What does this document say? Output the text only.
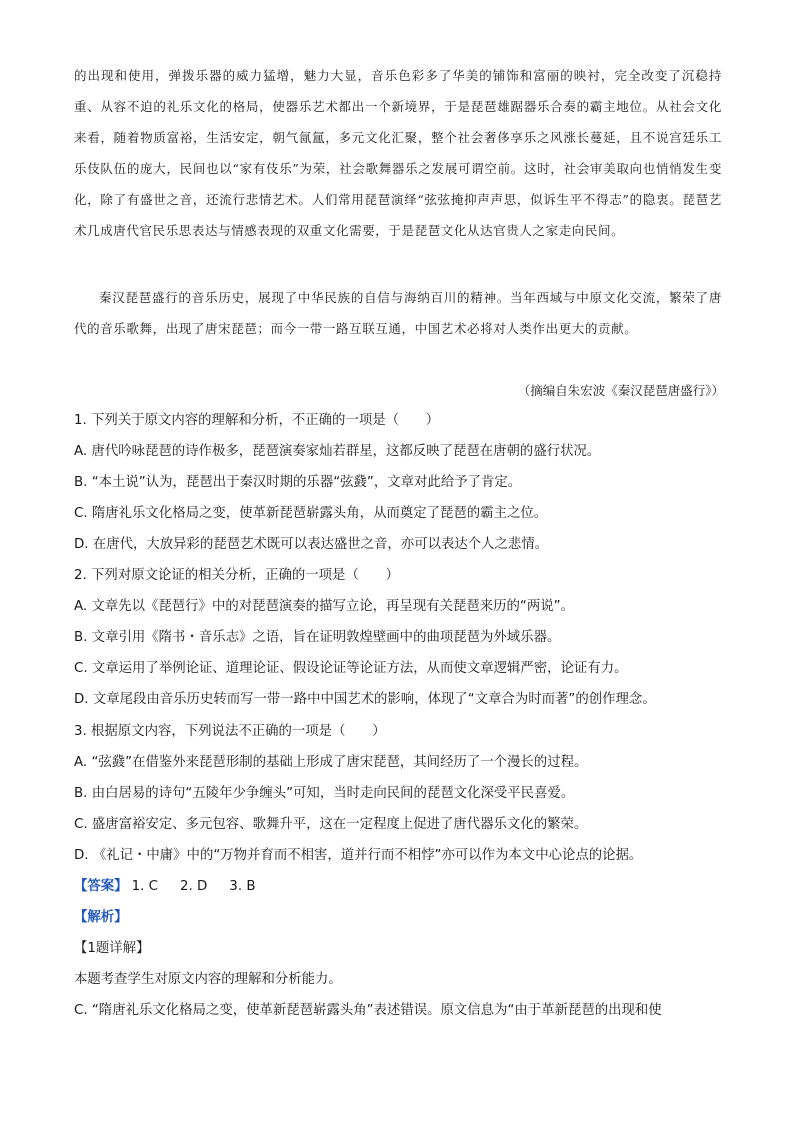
的出现和使用，弹拨乐器的威力猛增，魅力大显，音乐色彩多了华美的铺饰和富丽的映衬，完全改变了沉稳持重、从容不迫的礼乐文化的格局，使器乐艺术都出一个新境界，于是琵琶雄踞器乐合奏的霸主地位。从社会文化来看，随着物质富裕，生活安定，朝气氤氲，多元文化汇聚，整个社会奢侈享乐之风涨长蔓延，且不说宫廷乐工乐伎队伍的庞大，民间也以“家有伎乐”为荣，社会歌舞器乐之发展可谓空前。这时，社会审美取向也悄悄发生变化，除了有盛世之音，还流行悲情艺术。人们常用琵琶演绎“弦弦掩抑声声思，似诉生平不得志”的隐衷。琵琶艺术几成唐代官民乐思表达与情感表现的双重文化需要，于是琵琶文化从达官贵人之家走向民间。

秦汉琵琶盛行的音乐历史，展现了中华民族的自信与海纳百川的精神。当年西域与中原文化交流，繁荣了唐代的音乐歌舞，出现了唐宋琵琶；而今一带一路互联互通，中国艺术必将对人类作出更大的贡献。

（摘编自朱宏波《秦汉琵琶唐盛行》）
1. 下列关于原文内容的理解和分析，不正确的一项是（　　）
A. 唐代吟咏琵琶的诗作极多，琵琶演奏家灿若群星，这都反映了琵琶在唐朝的盛行状况。
B. “本土说”认为，琵琶出于秦汉时期的乐器“弦鼗”，文章对此给予了肯定。
C. 隋唐礼乐文化格局之变，使革新琵琶崭露头角，从而奠定了琵琶的霸主之位。
D. 在唐代，大放异彩的琵琶艺术既可以表达盛世之音，亦可以表达个人之悲情。
2. 下列对原文论证的相关分析，正确的一项是（　　）
A. 文章先以《琵琶行》中的对琵琶演奏的描写立论，再呈现有关琵琶来历的“两说”。
B. 文章引用《隋书・音乐志》之语，旨在证明敦煌壁画中的曲项琵琶为外域乐器。
C. 文章运用了举例论证、道理论证、假设论证等论证方法，从而使文章逻辑严密，论证有力。
D. 文章尾段由音乐历史转而写一带一路中中国艺术的影响，体现了“文章合为时而著”的创作理念。
3. 根据原文内容，下列说法不正确的一项是（　　）
A. “弦鼗”在借鉴外来琵琶形制的基础上形成了唐宋琵琶，其间经历了一个漫长的过程。
B. 由白居易的诗句“五陵年少争缠头”可知，当时走向民间的琵琶文化深受平民喜爱。
C. 盛唐富裕安定、多元包容、歌舞升平，这在一定程度上促进了唐代器乐文化的繁荣。
D. 《礼记・中庸》中的“万物并育而不相害，道并行而不相悖”亦可以作为本文中心论点的论据。
【答案】 1. C 2. D 3. B
【解析】
【1题详解】
本题考查学生对原文内容的理解和分析能力。
C. “隋唐礼乐文化格局之变，使革新琵琶崭露头角”表述错误。原文信息为“由于革新琵琶的出现和使
